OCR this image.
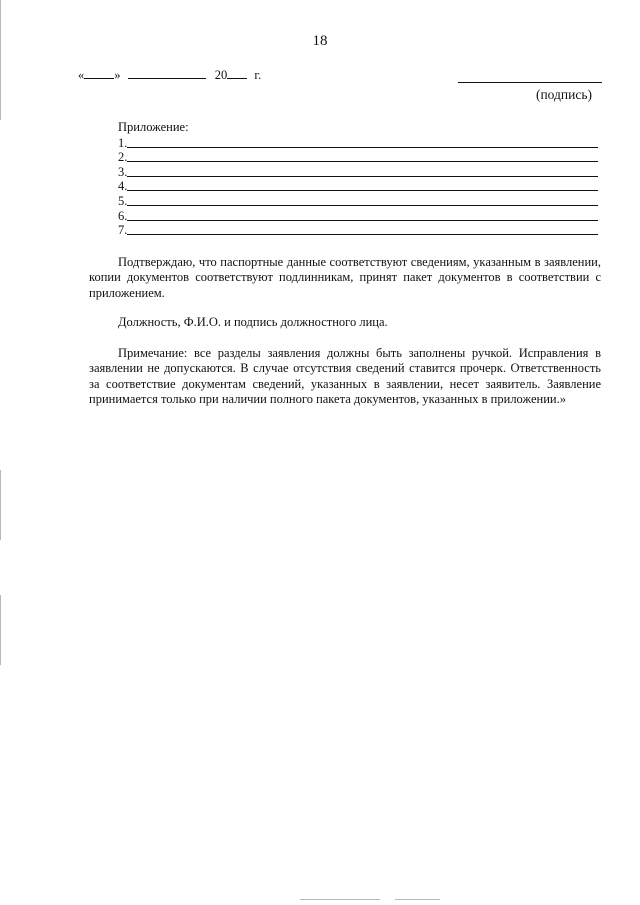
18
« »	20 г.
(подпись)
Приложение:
1.
2.
3.
4.
5.
6.
7.

Подтверждаю, что паспортные данные соответствуют сведениям, указанным в заявлении, копии документов соответствуют подлинникам, принят пакет документов в соответствии с приложением.

Должность, Ф.И.О. и подпись должностного лица.

Примечание: все разделы заявления должны быть заполнены ручкой. Исправления в заявлении не допускаются. В случае отсутствия сведений ставится прочерк. Ответственность за соответствие документам сведений, указанных в заявлении, несет заявитель. Заявление принимается только при наличии полного пакета документов, указанных в приложении.»
